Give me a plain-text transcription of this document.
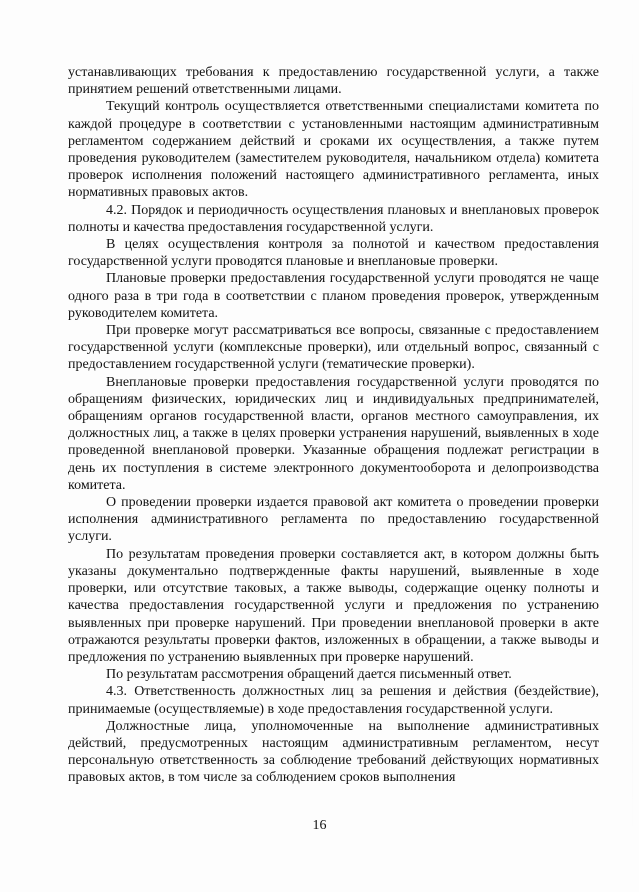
устанавливающих требования к предоставлению государственной услуги, а также принятием решений ответственными лицами.

Текущий контроль осуществляется ответственными специалистами комитета по каждой процедуре в соответствии с установленными настоящим административным регламентом содержанием действий и сроками их осуществления, а также путем проведения руководителем (заместителем руководителя, начальником отдела) комитета проверок исполнения положений настоящего административного регламента, иных нормативных правовых актов.

4.2. Порядок и периодичность осуществления плановых и внеплановых проверок полноты и качества предоставления государственной услуги.

В целях осуществления контроля за полнотой и качеством предоставления государственной услуги проводятся плановые и внеплановые проверки.

Плановые проверки предоставления государственной услуги проводятся не чаще одного раза в три года в соответствии с планом проведения проверок, утвержденным руководителем комитета.

При проверке могут рассматриваться все вопросы, связанные с предоставлением государственной услуги (комплексные проверки), или отдельный вопрос, связанный с предоставлением государственной услуги (тематические проверки).

Внеплановые проверки предоставления государственной услуги проводятся по обращениям физических, юридических лиц и индивидуальных предпринимателей, обращениям органов государственной власти, органов местного самоуправления, их должностных лиц, а также в целях проверки устранения нарушений, выявленных в ходе проведенной внеплановой проверки. Указанные обращения подлежат регистрации в день их поступления в системе электронного документооборота и делопроизводства комитета.

О проведении проверки издается правовой акт комитета о проведении проверки исполнения административного регламента по предоставлению государственной услуги.

По результатам проведения проверки составляется акт, в котором должны быть указаны документально подтвержденные факты нарушений, выявленные в ходе проверки, или отсутствие таковых, а также выводы, содержащие оценку полноты и качества предоставления государственной услуги и предложения по устранению выявленных при проверке нарушений. При проведении внеплановой проверки в акте отражаются результаты проверки фактов, изложенных в обращении, а также выводы и предложения по устранению выявленных при проверке нарушений.

По результатам рассмотрения обращений дается письменный ответ.

4.3. Ответственность должностных лиц за решения и действия (бездействие), принимаемые (осуществляемые) в ходе предоставления государственной услуги.

Должностные лица, уполномоченные на выполнение административных действий, предусмотренных настоящим административным регламентом, несут персональную ответственность за соблюдение требований действующих нормативных правовых актов, в том числе за соблюдением сроков выполнения

16
